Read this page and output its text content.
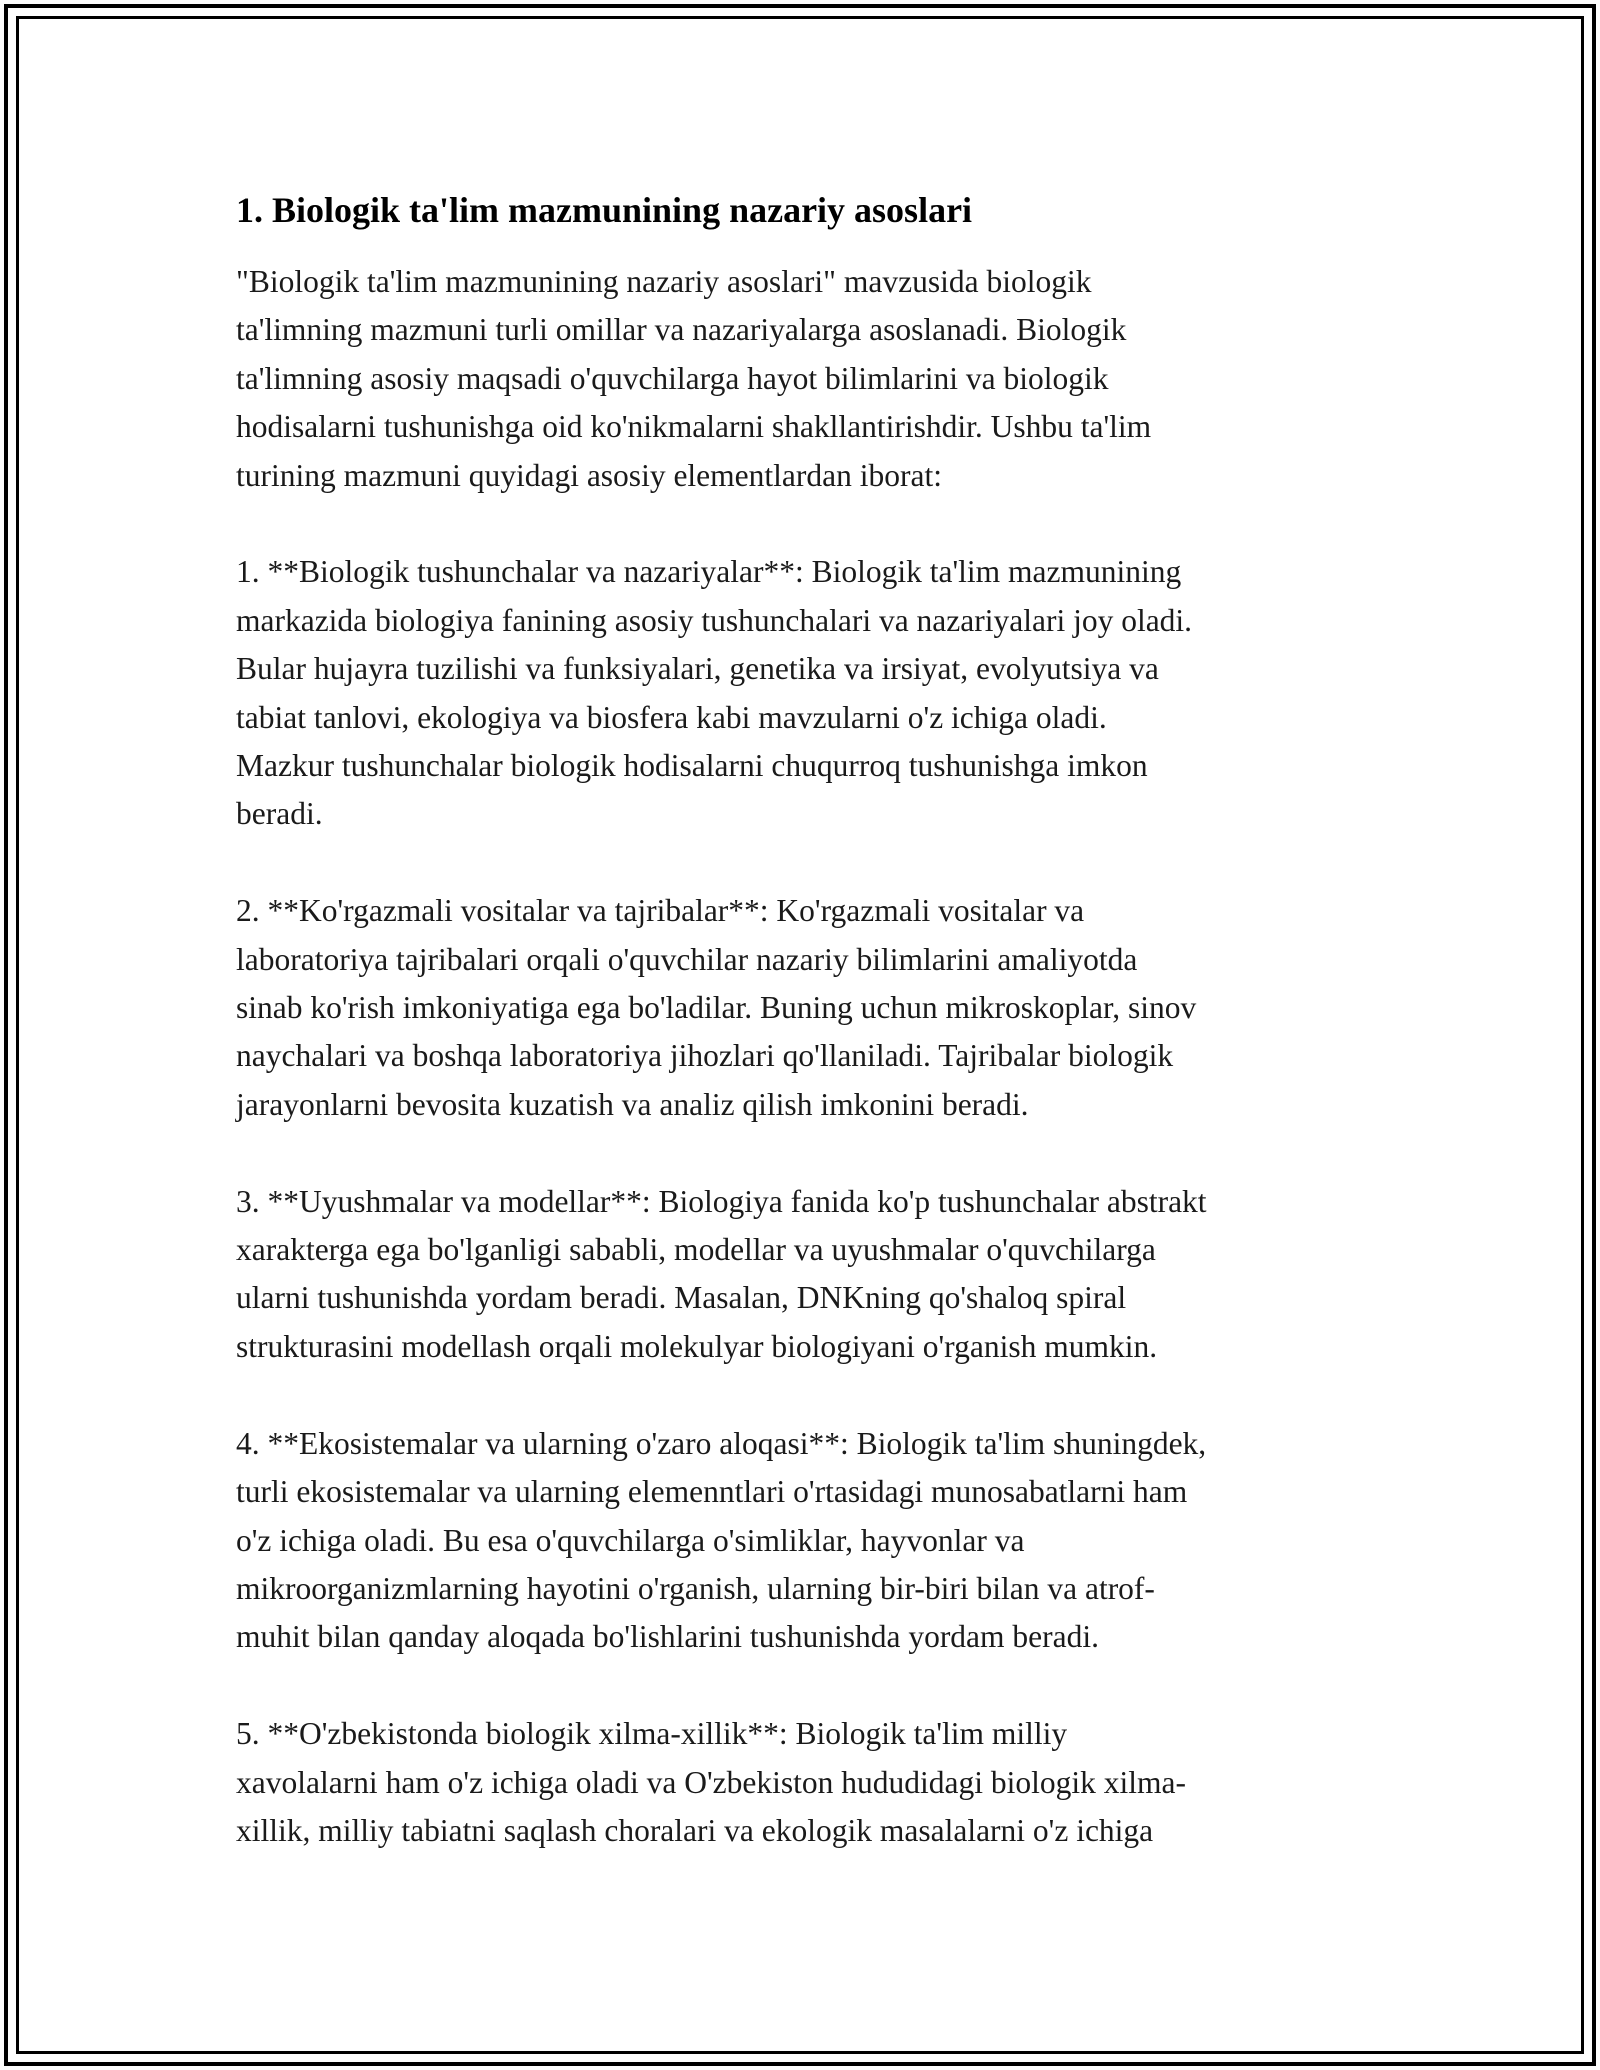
1. Biologik ta'lim mazmunining nazariy asoslari

"Biologik ta'lim mazmunining nazariy asoslari" mavzusida biologik
ta'limning mazmuni turli omillar va nazariyalarga asoslanadi. Biologik
ta'limning asosiy maqsadi o'quvchilarga hayot bilimlarini va biologik
hodisalarni tushunishga oid ko'nikmalarni shakllantirishdir. Ushbu ta'lim
turining mazmuni quyidagi asosiy elementlardan iborat:

1. **Biologik tushunchalar va nazariyalar**: Biologik ta'lim mazmunining
markazida biologiya fanining asosiy tushunchalari va nazariyalari joy oladi.
Bular hujayra tuzilishi va funksiyalari, genetika va irsiyat, evolyutsiya va
tabiat tanlovi, ekologiya va biosfera kabi mavzularni o'z ichiga oladi.
Mazkur tushunchalar biologik hodisalarni chuqurroq tushunishga imkon
beradi.

2. **Ko'rgazmali vositalar va tajribalar**: Ko'rgazmali vositalar va
laboratoriya tajribalari orqali o'quvchilar nazariy bilimlarini amaliyotda
sinab ko'rish imkoniyatiga ega bo'ladilar. Buning uchun mikroskoplar, sinov
naychalari va boshqa laboratoriya jihozlari qo'llaniladi. Tajribalar biologik
jarayonlarni bevosita kuzatish va analiz qilish imkonini beradi.

3. **Uyushmalar va modellar**: Biologiya fanida ko'p tushunchalar abstrakt
xarakterga ega bo'lganligi sababli, modellar va uyushmalar o'quvchilarga
ularni tushunishda yordam beradi. Masalan, DNKning qo'shaloq spiral
strukturasini modellash orqali molekulyar biologiyani o'rganish mumkin.

4. **Ekosistemalar va ularning o'zaro aloqasi**: Biologik ta'lim shuningdek,
turli ekosistemalar va ularning elemenntlari o'rtasidagi munosabatlarni ham
o'z ichiga oladi. Bu esa o'quvchilarga o'simliklar, hayvonlar va
mikroorganizmlarning hayotini o'rganish, ularning bir-biri bilan va atrof-
muhit bilan qanday aloqada bo'lishlarini tushunishda yordam beradi.

5. **O'zbekistonda biologik xilma-xillik**: Biologik ta'lim milliy
xavolalarni ham o'z ichiga oladi va O'zbekiston hududidagi biologik xilma-
xillik, milliy tabiatni saqlash choralari va ekologik masalalarni o'z ichiga
